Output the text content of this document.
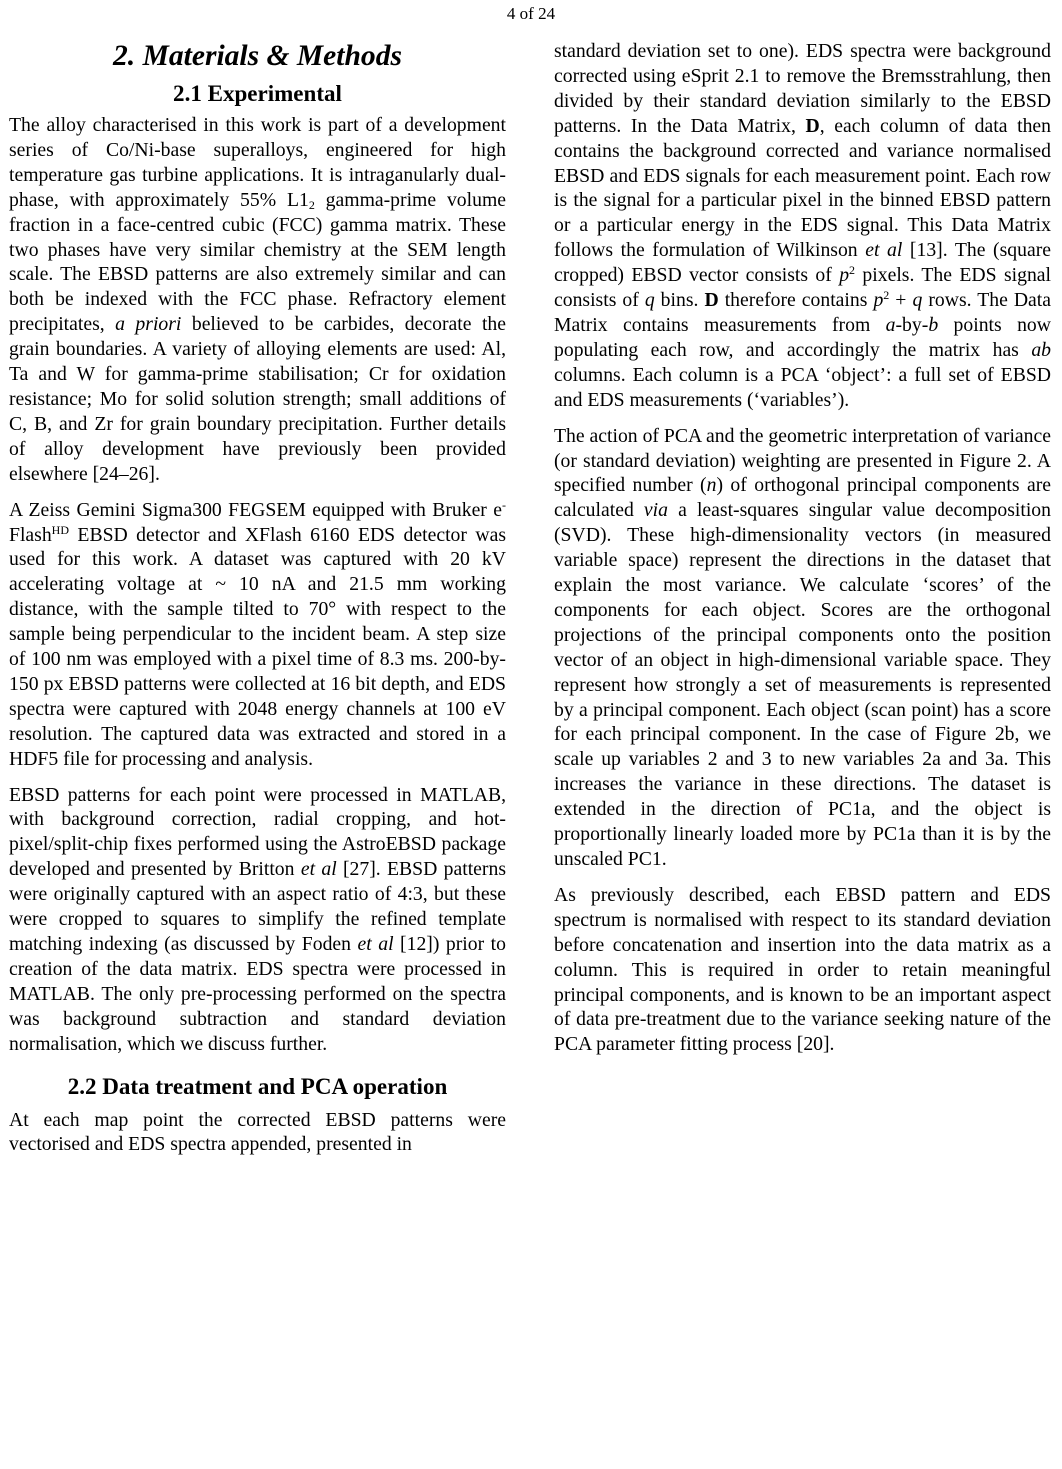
4 of 24
2. Materials & Methods
2.1 Experimental

The alloy characterised in this work is part of a development series of Co/Ni-base superalloys, engineered for high temperature gas turbine applications. It is intraganularly dual-phase, with approximately 55% $L1_2$ gamma-prime volume fraction in a face-centred cubic (FCC) gamma matrix. These two phases have very similar chemistry at the SEM length scale. The EBSD patterns are also extremely similar and can both be indexed with the FCC phase. Refractory element precipitates, a priori believed to be carbides, decorate the grain boundaries. A variety of alloying elements are used: Al, Ta and W for gamma-prime stabilisation; Cr for oxidation resistance; Mo for solid solution strength; small additions of C, B, and Zr for grain boundary precipitation. Further details of alloy development have previously been provided elsewhere [24–26].

A Zeiss Gemini Sigma300 FEGSEM equipped with Bruker e-Flash$^{HD}$ EBSD detector and XFlash 6160 EDS detector was used for this work. A dataset was captured with 20 kV accelerating voltage at ~ 10 nA and 21.5 mm working distance, with the sample tilted to 70° with respect to the sample being perpendicular to the incident beam. A step size of 100 nm was employed with a pixel time of 8.3 ms. 200-by-150 px EBSD patterns were collected at 16 bit depth, and EDS spectra were captured with 2048 energy channels at 100 eV resolution. The captured data was extracted and stored in a HDF5 file for processing and analysis.

EBSD patterns for each point were processed in MATLAB, with background correction, radial cropping, and hot-pixel/split-chip fixes performed using the AstroEBSD package developed and presented by Britton et al [27]. EBSD patterns were originally captured with an aspect ratio of 4:3, but these were cropped to squares to simplify the refined template matching indexing (as discussed by Foden et al [12]) prior to creation of the data matrix. EDS spectra were processed in MATLAB. The only pre-processing performed on the spectra was background subtraction and standard deviation normalisation, which we discuss further.

2.2 Data treatment and PCA operation

At each map point the corrected EBSD patterns were vectorised and EDS spectra appended, presented in

standard deviation set to one). EDS spectra were background corrected using eSprit 2.1 to remove the Bremsstrahlung, then divided by their standard deviation similarly to the EBSD patterns. In the Data Matrix, D, each column of data then contains the background corrected and variance normalised EBSD and EDS signals for each measurement point. Each row is the signal for a particular pixel in the binned EBSD pattern or a particular energy in the EDS signal. This Data Matrix follows the formulation of Wilkinson et al [13]. The (square cropped) EBSD vector consists of $p^2$ pixels. The EDS signal consists of q bins. D therefore contains $p^2 + q$ rows. The Data Matrix contains measurements from a-by-b points now populating each row, and accordingly the matrix has ab columns. Each column is a PCA ‘object’: a full set of EBSD and EDS measurements (‘variables’).

The action of PCA and the geometric interpretation of variance (or standard deviation) weighting are presented in Figure 2. A specified number (n) of orthogonal principal components are calculated via a least-squares singular value decomposition (SVD). These high-dimensionality vectors (in measured variable space) represent the directions in the dataset that explain the most variance. We calculate ‘scores’ of the components for each object. Scores are the orthogonal projections of the principal components onto the position vector of an object in high-dimensional variable space. They represent how strongly a set of measurements is represented by a principal component. Each object (scan point) has a score for each principal component. In the case of Figure 2b, we scale up variables 2 and 3 to new variables 2a and 3a. This increases the variance in these directions. The dataset is extended in the direction of PC1a, and the object is proportionally linearly loaded more by PC1a than it is by the unscaled PC1.

As previously described, each EBSD pattern and EDS spectrum is normalised with respect to its standard deviation before concatenation and insertion into the data matrix as a column. This is required in order to retain meaningful principal components, and is known to be an important aspect of data pre-treatment due to the variance seeking nature of the PCA parameter fitting process [20].
